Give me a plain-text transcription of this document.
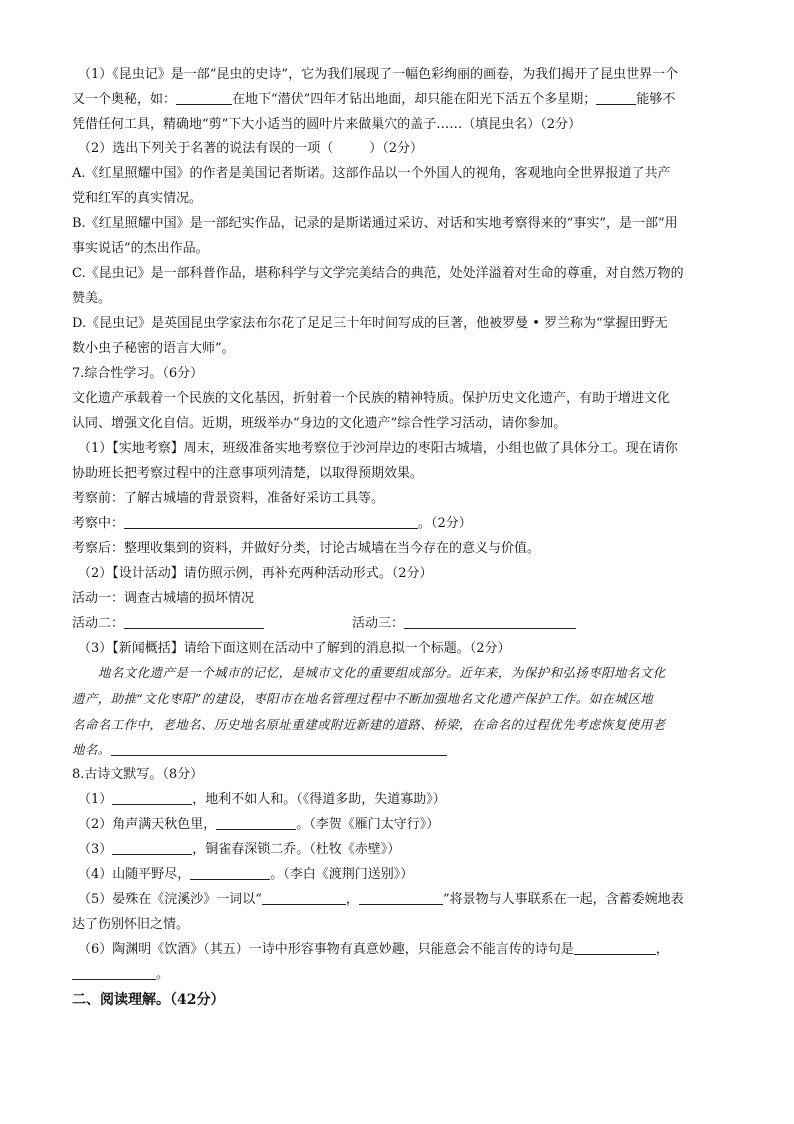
（1）《昆虫记》是一部“昆虫的史诗”，它为我们展现了一幅色彩绚丽的画卷，为我们揭开了昆虫世界一个
又一个奥秘，如：	在地下“潜伏”四年才钻出地面，却只能在阳光下活五个多星期；	能够不
凭借任何工具，精确地“剪”下大小适当的圆叶片来做巢穴的盖子……（填昆虫名）（2分）
（2）选出下列关于名著的说法有误的一项（	）（2分）
A.《红星照耀中国》的作者是美国记者斯诺。这部作品以一个外国人的视角，客观地向全世界报道了共产
党和红军的真实情况。
B.《红星照耀中国》是一部纪实作品，记录的是斯诺通过采访、对话和实地考察得来的“事实”，是一部“用
事实说话”的杰出作品。
C.《昆虫记》是一部科普作品，堪称科学与文学完美结合的典范，处处洋溢着对生命的尊重，对自然万物的
赞美。
D.《昆虫记》是英国昆虫学家法布尔花了足足三十年时间写成的巨著，他被罗曼 • 罗兰称为“掌握田野无
数小虫子秘密的语言大师”。
7.综合性学习。（6分）
文化遗产承载着一个民族的文化基因，折射着一个民族的精神特质。保护历史文化遗产，有助于增进文化
认同、增强文化自信。近期，班级举办“身边的文化遗产”综合性学习活动，请你参加。
（1）【实地考察】周末，班级准备实地考察位于沙河岸边的枣阳古城墙，小组也做了具体分工。现在请你
协助班长把考察过程中的注意事项列清楚，以取得预期效果。
考察前：了解古城墙的背景资料，准备好采访工具等。
考察中：	。（2分）
考察后：整理收集到的资料，并做好分类，讨论古城墙在当今存在的意义与价值。
（2）【设计活动】请仿照示例，再补充两种活动形式。（2分）
活动一：调查古城墙的损坏情况
活动二：	活动三：
（3）【新闻概括】请给下面这则在活动中了解到的消息拟一个标题。（2分）
地名文化遗产是一个城市的记忆，是城市文化的重要组成部分。近年来，为保护和弘扬枣阳地名文化
遗产，助推“文化枣阳”的建设，枣阳市在地名管理过程中不断加强地名文化遗产保护工作。如在城区地
名命名工作中，老地名、历史地名原址重建或附近新建的道路、桥梁，在命名的过程优先考虑恢复使用老
地名。
8.古诗文默写。（8分）
（1）	，地利不如人和。（《得道多助，失道寡助》）
（2）角声满天秋色里，	。（李贺《雁门太守行》）
（3）	，铜雀春深锁二乔。（杜牧《赤壁》）
（4）山随平野尽，	。（李白《渡荆门送别》）
（5）晏殊在《浣溪沙》一词以“	，	”将景物与人事联系在一起，含蓄委婉地表
达了伤别怀旧之情。
（6）陶渊明《饮酒》（其五）一诗中形容事物有真意妙趣，只能意会不能言传的诗句是	，
。
二、阅读理解。（42分）
